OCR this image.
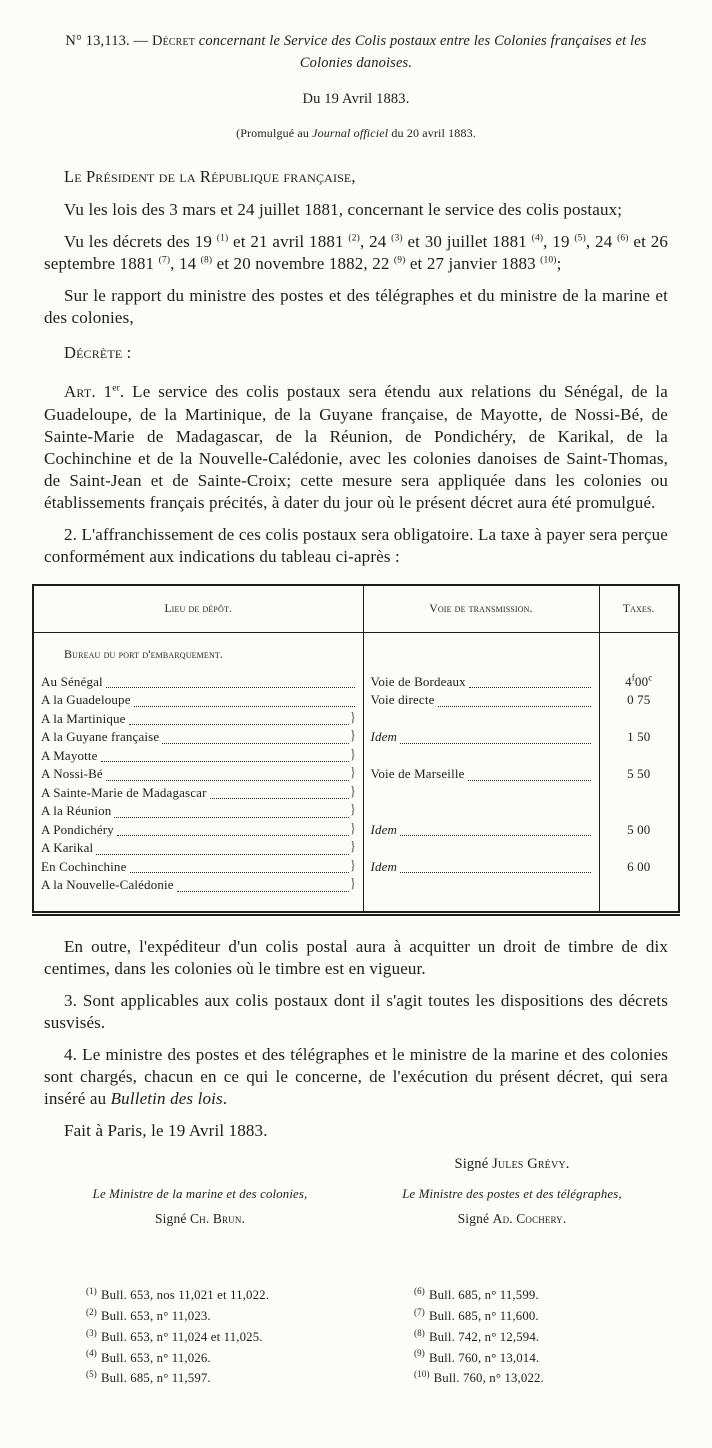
N° 13,113. — Décret concernant le Service des Colis postaux entre les Colonies françaises et les Colonies danoises.
Du 19 Avril 1883.
(Promulgué au Journal officiel du 20 avril 1883.

Le Président de la République française,

Vu les lois des 3 mars et 24 juillet 1881, concernant le service des colis postaux;

Vu les décrets des 19 $^{(1)}$ et 21 avril 1881 $^{(2)}$, 24 $^{(3)}$ et 30 juillet 1881 $^{(4)}$, 19 $^{(5)}$, 24 $^{(6)}$ et 26 septembre 1881 $^{(7)}$, 14 $^{(8)}$ et 20 novembre 1882, 22 $^{(9)}$ et 27 janvier 1883 $^{(10)}$;

Sur le rapport du ministre des postes et des télégraphes et du ministre de la marine et des colonies,

Décrète :

Art. 1er. Le service des colis postaux sera étendu aux relations du Sénégal, de la Guadeloupe, de la Martinique, de la Guyane française, de Mayotte, de Nossi-Bé, de Sainte-Marie de Madagascar, de la Réunion, de Pondichéry, de Karikal, de la Cochinchine et de la Nouvelle-Calédonie, avec les colonies danoises de Saint-Thomas, de Saint-Jean et de Sainte-Croix; cette mesure sera appliquée dans les colonies ou établissements français précités, à dater du jour où le présent décret aura été promulgué.

2. L'affranchissement de ces colis postaux sera obligatoire. La taxe à payer sera perçue conformément aux indications du tableau ci-après :

Lieu de dépôt.	Voie de transmission.	Taxes.
Bureau du port d'embarquement.		

Au Sénégal	Voie de Bordeaux	4$^f$00$^c$

A la Guadeloupe	Voie directe	0 75

A la Martinique }		

A la Guyane française }	Idem	1 50

A Mayotte }		

A Nossi-Bé }	Voie de Marseille	5 50

A Sainte-Marie de Madagascar }		

A la Réunion }		

A Pondichéry }	Idem	5 00

A Karikal }		

En Cochinchine }	Idem	6 00

A la Nouvelle-Calédonie }		

En outre, l'expéditeur d'un colis postal aura à acquitter un droit de timbre de dix centimes, dans les colonies où le timbre est en vigueur.

3. Sont applicables aux colis postaux dont il s'agit toutes les dispositions des décrets susvisés.

4. Le ministre des postes et des télégraphes et le ministre de la marine et des colonies sont chargés, chacun en ce qui le concerne, de l'exécution du présent décret, qui sera inséré au Bulletin des lois.

Fait à Paris, le 19 Avril 1883.

Signé Jules Grévy.
Le Ministre de la marine et des colonies,
Signé Ch. Brun.
Le Ministre des postes et des télégraphes,
Signé Ad. Cochery.
$^{(1)}$ Bull. 653, nos 11,021 et 11,022.
$^{(2)}$ Bull. 653, n° 11,023.
$^{(3)}$ Bull. 653, n° 11,024 et 11,025.
$^{(4)}$ Bull. 653, n° 11,026.
$^{(5)}$ Bull. 685, n° 11,597.
$^{(6)}$ Bull. 685, n° 11,599.
$^{(7)}$ Bull. 685, n° 11,600.
$^{(8)}$ Bull. 742, n° 12,594.
$^{(9)}$ Bull. 760, n° 13,014.
$^{(10)}$ Bull. 760, n° 13,022.
